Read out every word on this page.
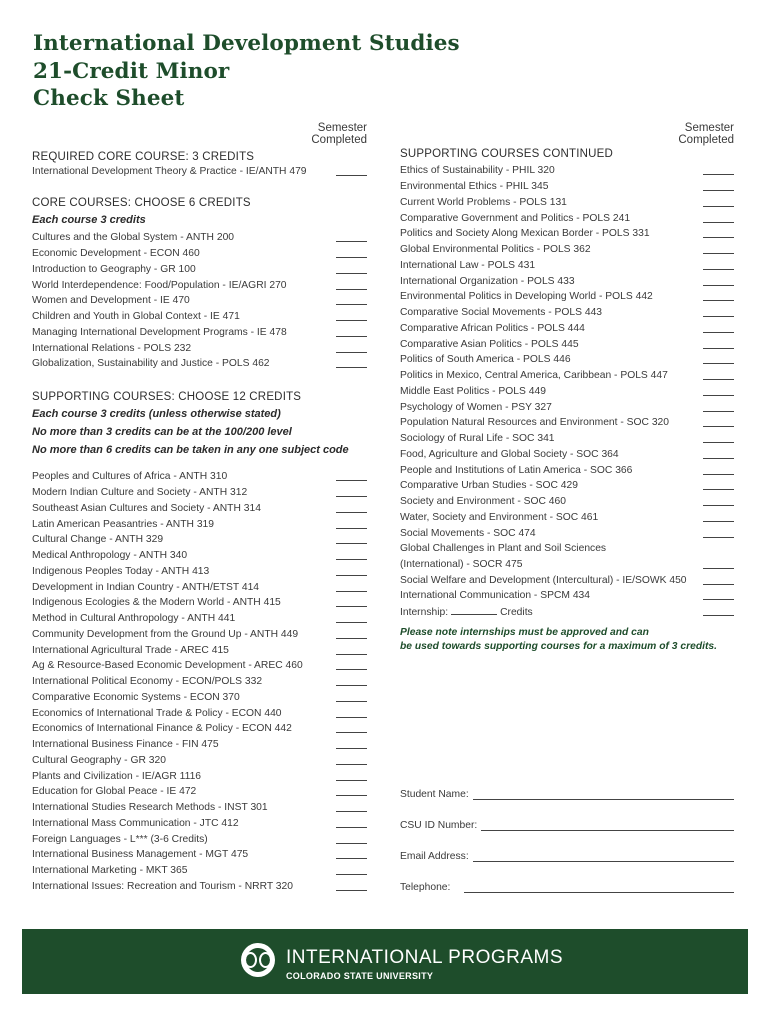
International Development Studies
21-Credit Minor
Check Sheet
Semester
Completed
REQUIRED CORE COURSE: 3 CREDITS
International Development Theory & Practice - IE/ANTH 479
CORE COURSES: CHOOSE 6 CREDITS
Each course 3 credits
Cultures and the Global System - ANTH 200
Economic Development - ECON 460
Introduction to Geography - GR 100
World Interdependence: Food/Population - IE/AGRI 270
Women and Development - IE 470
Children and Youth in Global Context - IE 471
Managing International Development Programs - IE 478
International Relations - POLS 232
Globalization, Sustainability and Justice - POLS 462
SUPPORTING COURSES: CHOOSE 12 CREDITS
Each course 3 credits (unless otherwise stated)
No more than 3 credits can be at the 100/200 level
No more than 6 credits can be taken in any one subject code
Peoples and Cultures of Africa - ANTH 310
Modern Indian Culture and Society - ANTH 312
Southeast Asian Cultures and Society - ANTH 314
Latin American Peasantries - ANTH 319
Cultural Change - ANTH 329
Medical Anthropology - ANTH 340
Indigenous Peoples Today - ANTH 413
Development in Indian Country - ANTH/ETST 414
Indigenous Ecologies & the Modern World - ANTH 415
Method in Cultural Anthropology - ANTH 441
Community Development from the Ground Up - ANTH 449
International Agricultural Trade - AREC 415
Ag & Resource-Based Economic Development - AREC 460
International Political Economy - ECON/POLS 332
Comparative Economic Systems - ECON 370
Economics of International Trade & Policy - ECON 440
Economics of International Finance & Policy - ECON 442
International Business Finance - FIN 475
Cultural Geography - GR 320
Plants and Civilization - IE/AGR 1116
Education for Global Peace - IE 472
International Studies Research Methods - INST 301
International Mass Communication - JTC 412
Foreign Languages - L*** (3-6 Credits)
International Business Management - MGT 475
International Marketing - MKT 365
International Issues: Recreation and Tourism - NRRT 320
Semester
Completed
SUPPORTING COURSES CONTINUED
Ethics of Sustainability - PHIL 320
Environmental Ethics - PHIL 345
Current World Problems - POLS 131
Comparative Government and Politics - POLS 241
Politics and Society Along Mexican Border - POLS 331
Global Environmental Politics - POLS 362
International Law - POLS 431
International Organization - POLS 433
Environmental Politics in Developing World - POLS 442
Comparative Social Movements - POLS 443
Comparative African Politics - POLS 444
Comparative Asian Politics - POLS 445
Politics of South America - POLS 446
Politics in Mexico, Central America, Caribbean - POLS 447
Middle East Politics - POLS 449
Psychology of Women - PSY 327
Population Natural Resources and Environment - SOC 320
Sociology of Rural Life - SOC 341
Food, Agriculture and Global Society - SOC 364
People and Institutions of Latin America - SOC 366
Comparative Urban Studies - SOC 429
Society and Environment - SOC 460
Water, Society and Environment - SOC 461
Social Movements - SOC 474
Global Challenges in Plant and Soil Sciences
(International) - SOCR 475
Social Welfare and Development (Intercultural) - IE/SOWK 450
International Communication - SPCM 434
Internship:	Credits
Please note internships must be approved and can
be used towards supporting courses for a maximum of 3 credits.
Student Name:
CSU ID Number:
Email Address:
Telephone:
INTERNATIONAL PROGRAMS
COLORADO STATE UNIVERSITY
